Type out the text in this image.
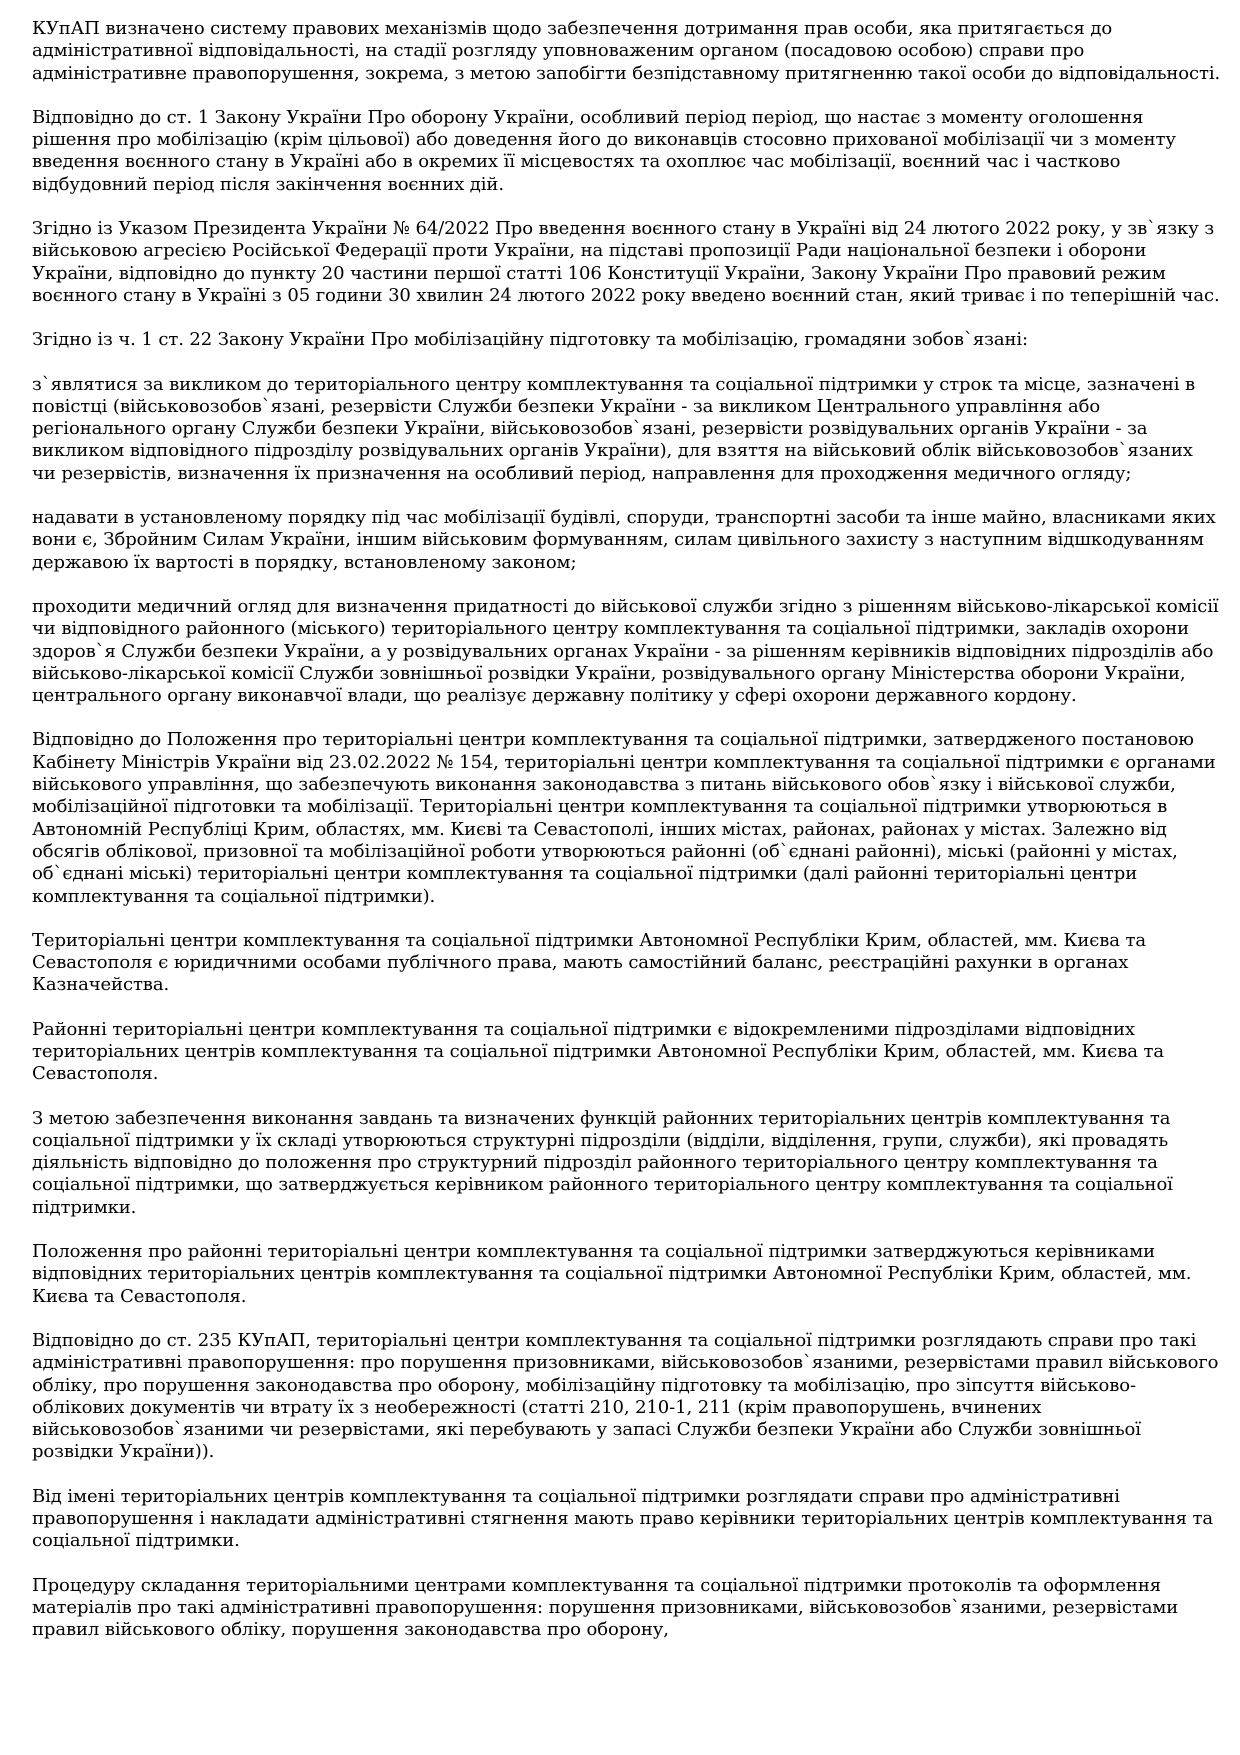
КУпАП визначено систему правових механізмів щодо забезпечення дотримання прав особи, яка притягається до адміністративної відповідальності, на стадії розгляду уповноваженим органом (посадовою особою) справи про адміністративне правопорушення, зокрема, з метою запобігти безпідставному притягненню такої особи до відповідальності.

Відповідно до ст. 1 Закону України Про оборону України, особливий період період, що настає з моменту оголошення рішення про мобілізацію (крім цільової) або доведення його до виконавців стосовно прихованої мобілізації чи з моменту введення воєнного стану в Україні або в окремих її місцевостях та охоплює час мобілізації, воєнний час і частково відбудовний період після закінчення воєнних дій.

Згідно із Указом Президента України № 64/2022 Про введення воєнного стану в Україні від 24 лютого 2022 року, у зв`язку з військовою агресією Російської Федерації проти України, на підставі пропозиції Ради національної безпеки і оборони України, відповідно до пункту 20 частини першої статті 106 Конституції України, Закону України Про правовий режим воєнного стану в Україні з 05 години 30 хвилин 24 лютого 2022 року введено воєнний стан, який триває і по теперішній час.

Згідно із ч. 1 ст. 22 Закону України Про мобілізаційну підготовку та мобілізацію, громадяни зобов`язані:

з`являтися за викликом до територіального центру комплектування та соціальної підтримки у строк та місце, зазначені в повістці (військовозобов`язані, резервісти Служби безпеки України - за викликом Центрального управління або регіонального органу Служби безпеки України, військовозобов`язані, резервісти розвідувальних органів України - за викликом відповідного підрозділу розвідувальних органів України), для взяття на військовий облік військовозобов`язаних чи резервістів, визначення їх призначення на особливий період, направлення для проходження медичного огляду;

надавати в установленому порядку під час мобілізації будівлі, споруди, транспортні засоби та інше майно, власниками яких вони є, Збройним Силам України, іншим військовим формуванням, силам цивільного захисту з наступним відшкодуванням державою їх вартості в порядку, встановленому законом;

проходити медичний огляд для визначення придатності до військової служби згідно з рішенням військово-лікарської комісії чи відповідного районного (міського) територіального центру комплектування та соціальної підтримки, закладів охорони здоров`я Служби безпеки України, а у розвідувальних органах України - за рішенням керівників відповідних підрозділів або військово-лікарської комісії Служби зовнішньої розвідки України, розвідувального органу Міністерства оборони України, центрального органу виконавчої влади, що реалізує державну політику у сфері охорони державного кордону.

Відповідно до Положення про територіальні центри комплектування та соціальної підтримки, затвердженого постановою Кабінету Міністрів України від 23.02.2022 № 154, територіальні центри комплектування та соціальної підтримки є органами військового управління, що забезпечують виконання законодавства з питань військового обов`язку і військової служби, мобілізаційної підготовки та мобілізації. Територіальні центри комплектування та соціальної підтримки утворюються в Автономній Республіці Крим, областях, мм. Києві та Севастополі, інших містах, районах, районах у містах. Залежно від обсягів облікової, призовної та мобілізаційної роботи утворюються районні (об`єднані районні), міські (районні у містах, об`єднані міські) територіальні центри комплектування та соціальної підтримки (далі районні територіальні центри комплектування та соціальної підтримки).

Територіальні центри комплектування та соціальної підтримки Автономної Республіки Крим, областей, мм. Києва та Севастополя є юридичними особами публічного права, мають самостійний баланс, реєстраційні рахунки в органах Казначейства.

Районні територіальні центри комплектування та соціальної підтримки є відокремленими підрозділами відповідних територіальних центрів комплектування та соціальної підтримки Автономної Республіки Крим, областей, мм. Києва та Севастополя.

З метою забезпечення виконання завдань та визначених функцій районних територіальних центрів комплектування та соціальної підтримки у їх складі утворюються структурні підрозділи (відділи, відділення, групи, служби), які провадять діяльність відповідно до положення про структурний підрозділ районного територіального центру комплектування та соціальної підтримки, що затверджується керівником районного територіального центру комплектування та соціальної підтримки.

Положення про районні територіальні центри комплектування та соціальної підтримки затверджуються керівниками відповідних територіальних центрів комплектування та соціальної підтримки Автономної Республіки Крим, областей, мм. Києва та Севастополя.

Відповідно до ст. 235 КУпАП, територіальні центри комплектування та соціальної підтримки розглядають справи про такі адміністративні правопорушення: про порушення призовниками, військовозобов`язаними, резервістами правил військового обліку, про порушення законодавства про оборону, мобілізаційну підготовку та мобілізацію, про зіпсуття військово-облікових документів чи втрату їх з необережності (статті 210, 210-1, 211 (крім правопорушень, вчинених військовозобов`язаними чи резервістами, які перебувають у запасі Служби безпеки України або Служби зовнішньої розвідки України)).

Від імені територіальних центрів комплектування та соціальної підтримки розглядати справи про адміністративні правопорушення і накладати адміністративні стягнення мають право керівники територіальних центрів комплектування та соціальної підтримки.

Процедуру складання територіальними центрами комплектування та соціальної підтримки протоколів та оформлення матеріалів про такі адміністративні правопорушення: порушення призовниками, військовозобов`язаними, резервістами правил військового обліку, порушення законодавства про оборону,
